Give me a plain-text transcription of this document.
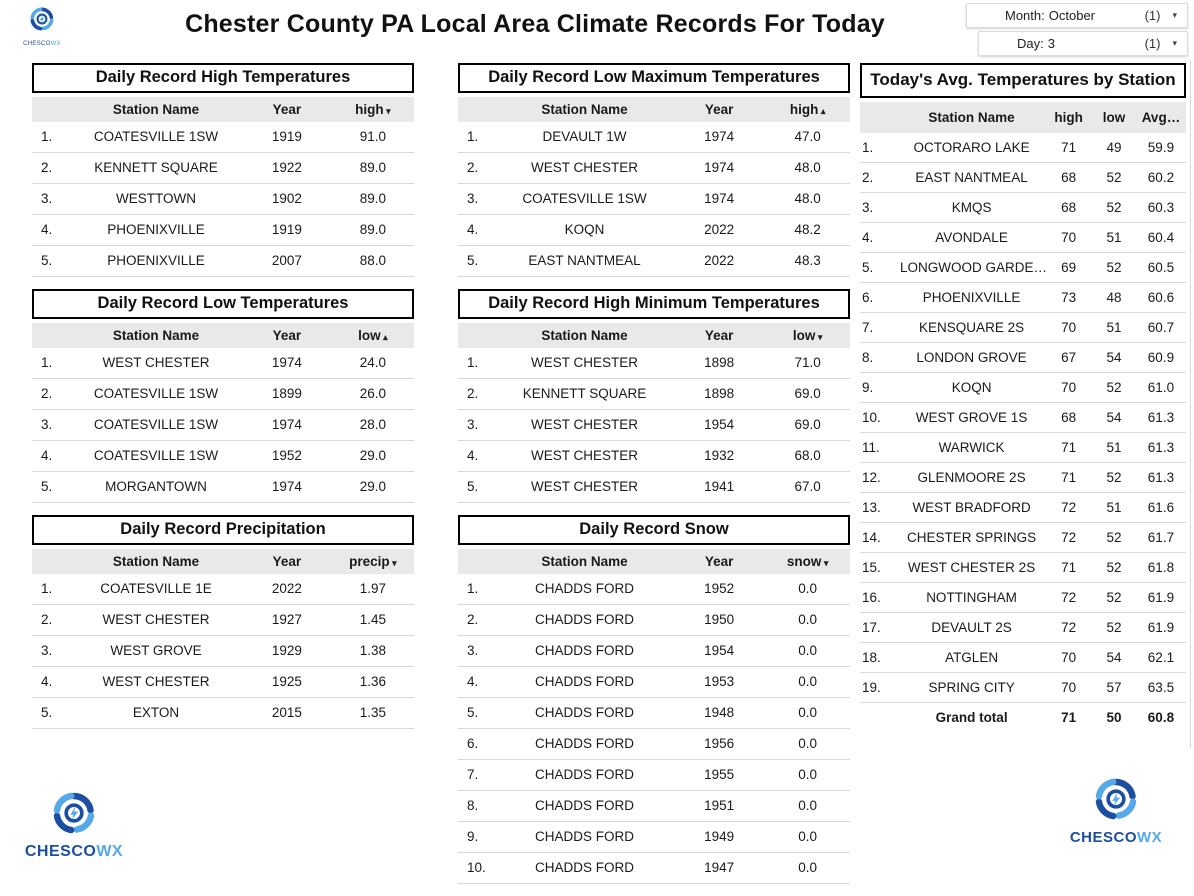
CHESCOWX
Chester County PA Local Area Climate Records For Today	Month: October	(1) ▾
Day: 3	(1) ▾
Daily Record High Temperatures
	Station Name	Year	high ▾
1.	COATESVILLE 1SW	1919	91.0
2.	KENNETT SQUARE	1922	89.0
3.	WESTTOWN	1902	89.0
4.	PHOENIXVILLE	1919	89.0
5.	PHOENIXVILLE	2007	88.0
Daily Record Low Temperatures
	Station Name	Year	low ▴
1.	WEST CHESTER	1974	24.0
2.	COATESVILLE 1SW	1899	26.0
3.	COATESVILLE 1SW	1974	28.0
4.	COATESVILLE 1SW	1952	29.0
5.	MORGANTOWN	1974	29.0
Daily Record Precipitation
	Station Name	Year	precip ▾
1.	COATESVILLE 1E	2022	1.97
2.	WEST CHESTER	1927	1.45
3.	WEST GROVE	1929	1.38
4.	WEST CHESTER	1925	1.36
5.	EXTON	2015	1.35
Daily Record Low Maximum Temperatures
	Station Name	Year	high ▴
1.	DEVAULT 1W	1974	47.0
2.	WEST CHESTER	1974	48.0
3.	COATESVILLE 1SW	1974	48.0
4.	KOQN	2022	48.2
5.	EAST NANTMEAL	2022	48.3
Daily Record High Minimum Temperatures
	Station Name	Year	low ▾
1.	WEST CHESTER	1898	71.0
2.	KENNETT SQUARE	1898	69.0
3.	WEST CHESTER	1954	69.0
4.	WEST CHESTER	1932	68.0
5.	WEST CHESTER	1941	67.0
Daily Record Snow
	Station Name	Year	snow ▾
1.	CHADDS FORD	1952	0.0
2.	CHADDS FORD	1950	0.0
3.	CHADDS FORD	1954	0.0
4.	CHADDS FORD	1953	0.0
5.	CHADDS FORD	1948	0.0
6.	CHADDS FORD	1956	0.0
7.	CHADDS FORD	1955	0.0
8.	CHADDS FORD	1951	0.0
9.	CHADDS FORD	1949	0.0
10.	CHADDS FORD	1947	0.0
Today's Avg. Temperatures by Station
	Station Name	high	low	Avg…
1.	OCTORARO LAKE	71	49	59.9
2.	EAST NANTMEAL	68	52	60.2
3.	KMQS	68	52	60.3
4.	AVONDALE	70	51	60.4
5.	LONGWOOD GARDE…	69	52	60.5
6.	PHOENIXVILLE	73	48	60.6
7.	KENSQUARE 2S	70	51	60.7
8.	LONDON GROVE	67	54	60.9
9.	KOQN	70	52	61.0
10.	WEST GROVE 1S	68	54	61.3
11.	WARWICK	71	51	61.3
12.	GLENMOORE 2S	71	52	61.3
13.	WEST BRADFORD	72	51	61.6
14.	CHESTER SPRINGS	72	52	61.7
15.	WEST CHESTER 2S	71	52	61.8
16.	NOTTINGHAM	72	52	61.9
17.	DEVAULT 2S	72	52	61.9
18.	ATGLEN	70	54	62.1
19.	SPRING CITY	70	57	63.5
	Grand total	71	50	60.8
CHESCOWX
CHESCOWX
